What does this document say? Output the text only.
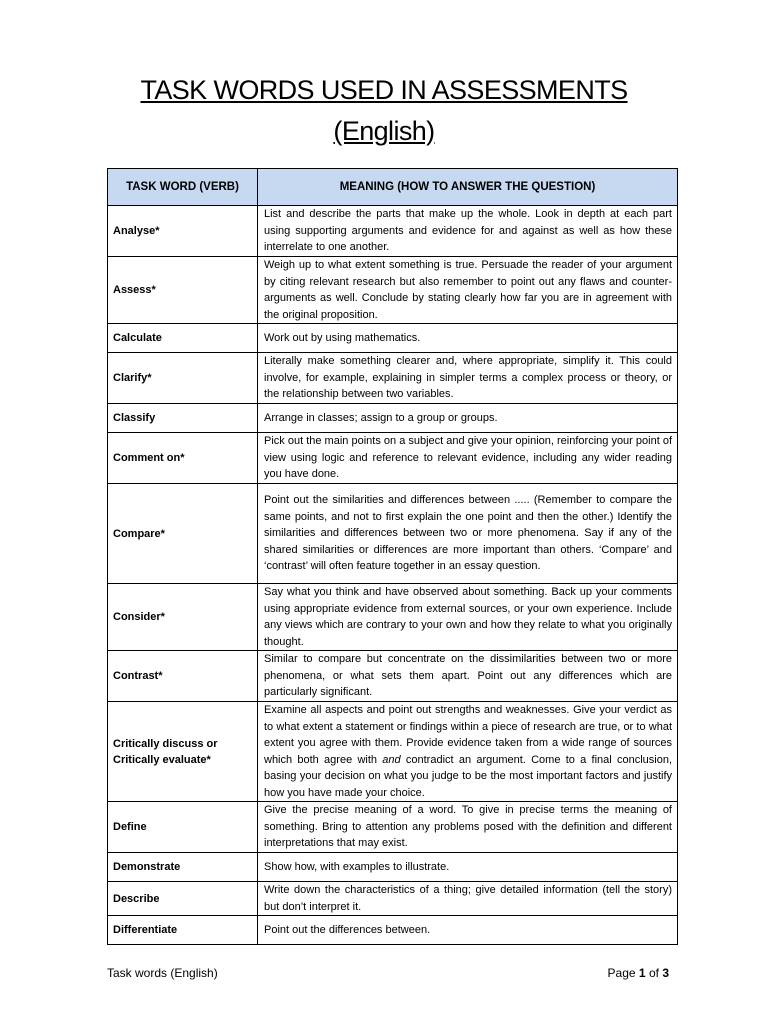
TASK WORDS USED IN ASSESSMENTS
(English)
TASK WORD (VERB)	MEANING (HOW TO ANSWER THE QUESTION)
Analyse*	List and describe the parts that make up the whole. Look in depth at each part using supporting arguments and evidence for and against as well as how these interrelate to one another.
Assess*	Weigh up to what extent something is true. Persuade the reader of your argument by citing relevant research but also remember to point out any flaws and counter-arguments as well. Conclude by stating clearly how far you are in agreement with the original proposition.
Calculate	Work out by using mathematics.
Clarify*	Literally make something clearer and, where appropriate, simplify it. This could involve, for example, explaining in simpler terms a complex process or theory, or the relationship between two variables.
Classify	Arrange in classes; assign to a group or groups.
Comment on*	Pick out the main points on a subject and give your opinion, reinforcing your point of view using logic and reference to relevant evidence, including any wider reading you have done.
Compare*	Point out the similarities and differences between ..... (Remember to compare the same points, and not to first explain the one point and then the other.) Identify the similarities and differences between two or more phenomena. Say if any of the shared similarities or differences are more important than others. ‘Compare’ and ‘contrast’ will often feature together in an essay question.
Consider*	Say what you think and have observed about something. Back up your comments using appropriate evidence from external sources, or your own experience. Include any views which are contrary to your own and how they relate to what you originally thought.
Contrast*	Similar to compare but concentrate on the dissimilarities between two or more phenomena, or what sets them apart. Point out any differences which are particularly significant.
Critically discuss or Critically evaluate*	Examine all aspects and point out strengths and weaknesses. Give your verdict as to what extent a statement or findings within a piece of research are true, or to what extent you agree with them. Provide evidence taken from a wide range of sources which both agree with and contradict an argument. Come to a final conclusion, basing your decision on what you judge to be the most important factors and justify how you have made your choice.
Define	Give the precise meaning of a word. To give in precise terms the meaning of something. Bring to attention any problems posed with the definition and different interpretations that may exist.
Demonstrate	Show how, with examples to illustrate.
Describe	Write down the characteristics of a thing; give detailed information (tell the story) but don’t interpret it.
Differentiate	Point out the differences between.
Task words (English)	Page 1 of 3
